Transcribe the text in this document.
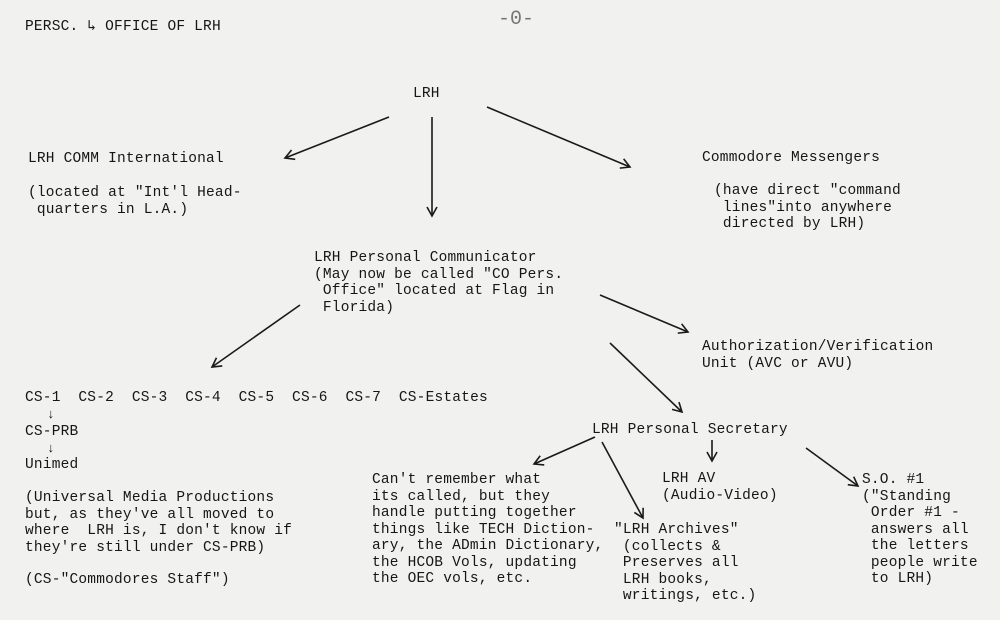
PERSC. ↳ OFFICE OF LRH	-0-
LRH
LRH COMM International
(located at "Int'l Head-
quarters in L.A.)
Commodore Messengers
(have direct "command
lines"into anywhere
directed by LRH)
LRH Personal Communicator
(May now be called "CO Pers.
Office" located at Flag in
Florida)
Authorization/Verification
Unit (AVC or AVU)
CS-1  CS-2  CS-3  CS-4  CS-5  CS-6  CS-7  CS-Estates
↓
CS-PRB
↓
Unimed
(Universal Media Productions
but, as they've all moved to
where  LRH is, I don't know if
they're still under CS-PRB)
(CS-"Commodores Staff")
LRH Personal Secretary
Can't remember what
its called, but they
handle putting together
things like TECH Diction-
ary, the ADmin Dictionary,
the HCOB Vols, updating
the OEC vols, etc.
"LRH Archives"
(collects &
Preserves all
LRH books,
writings, etc.)
LRH AV
(Audio-Video)
S.O. #1
("Standing
Order #1 -
answers all
the letters
people write
to LRH)
